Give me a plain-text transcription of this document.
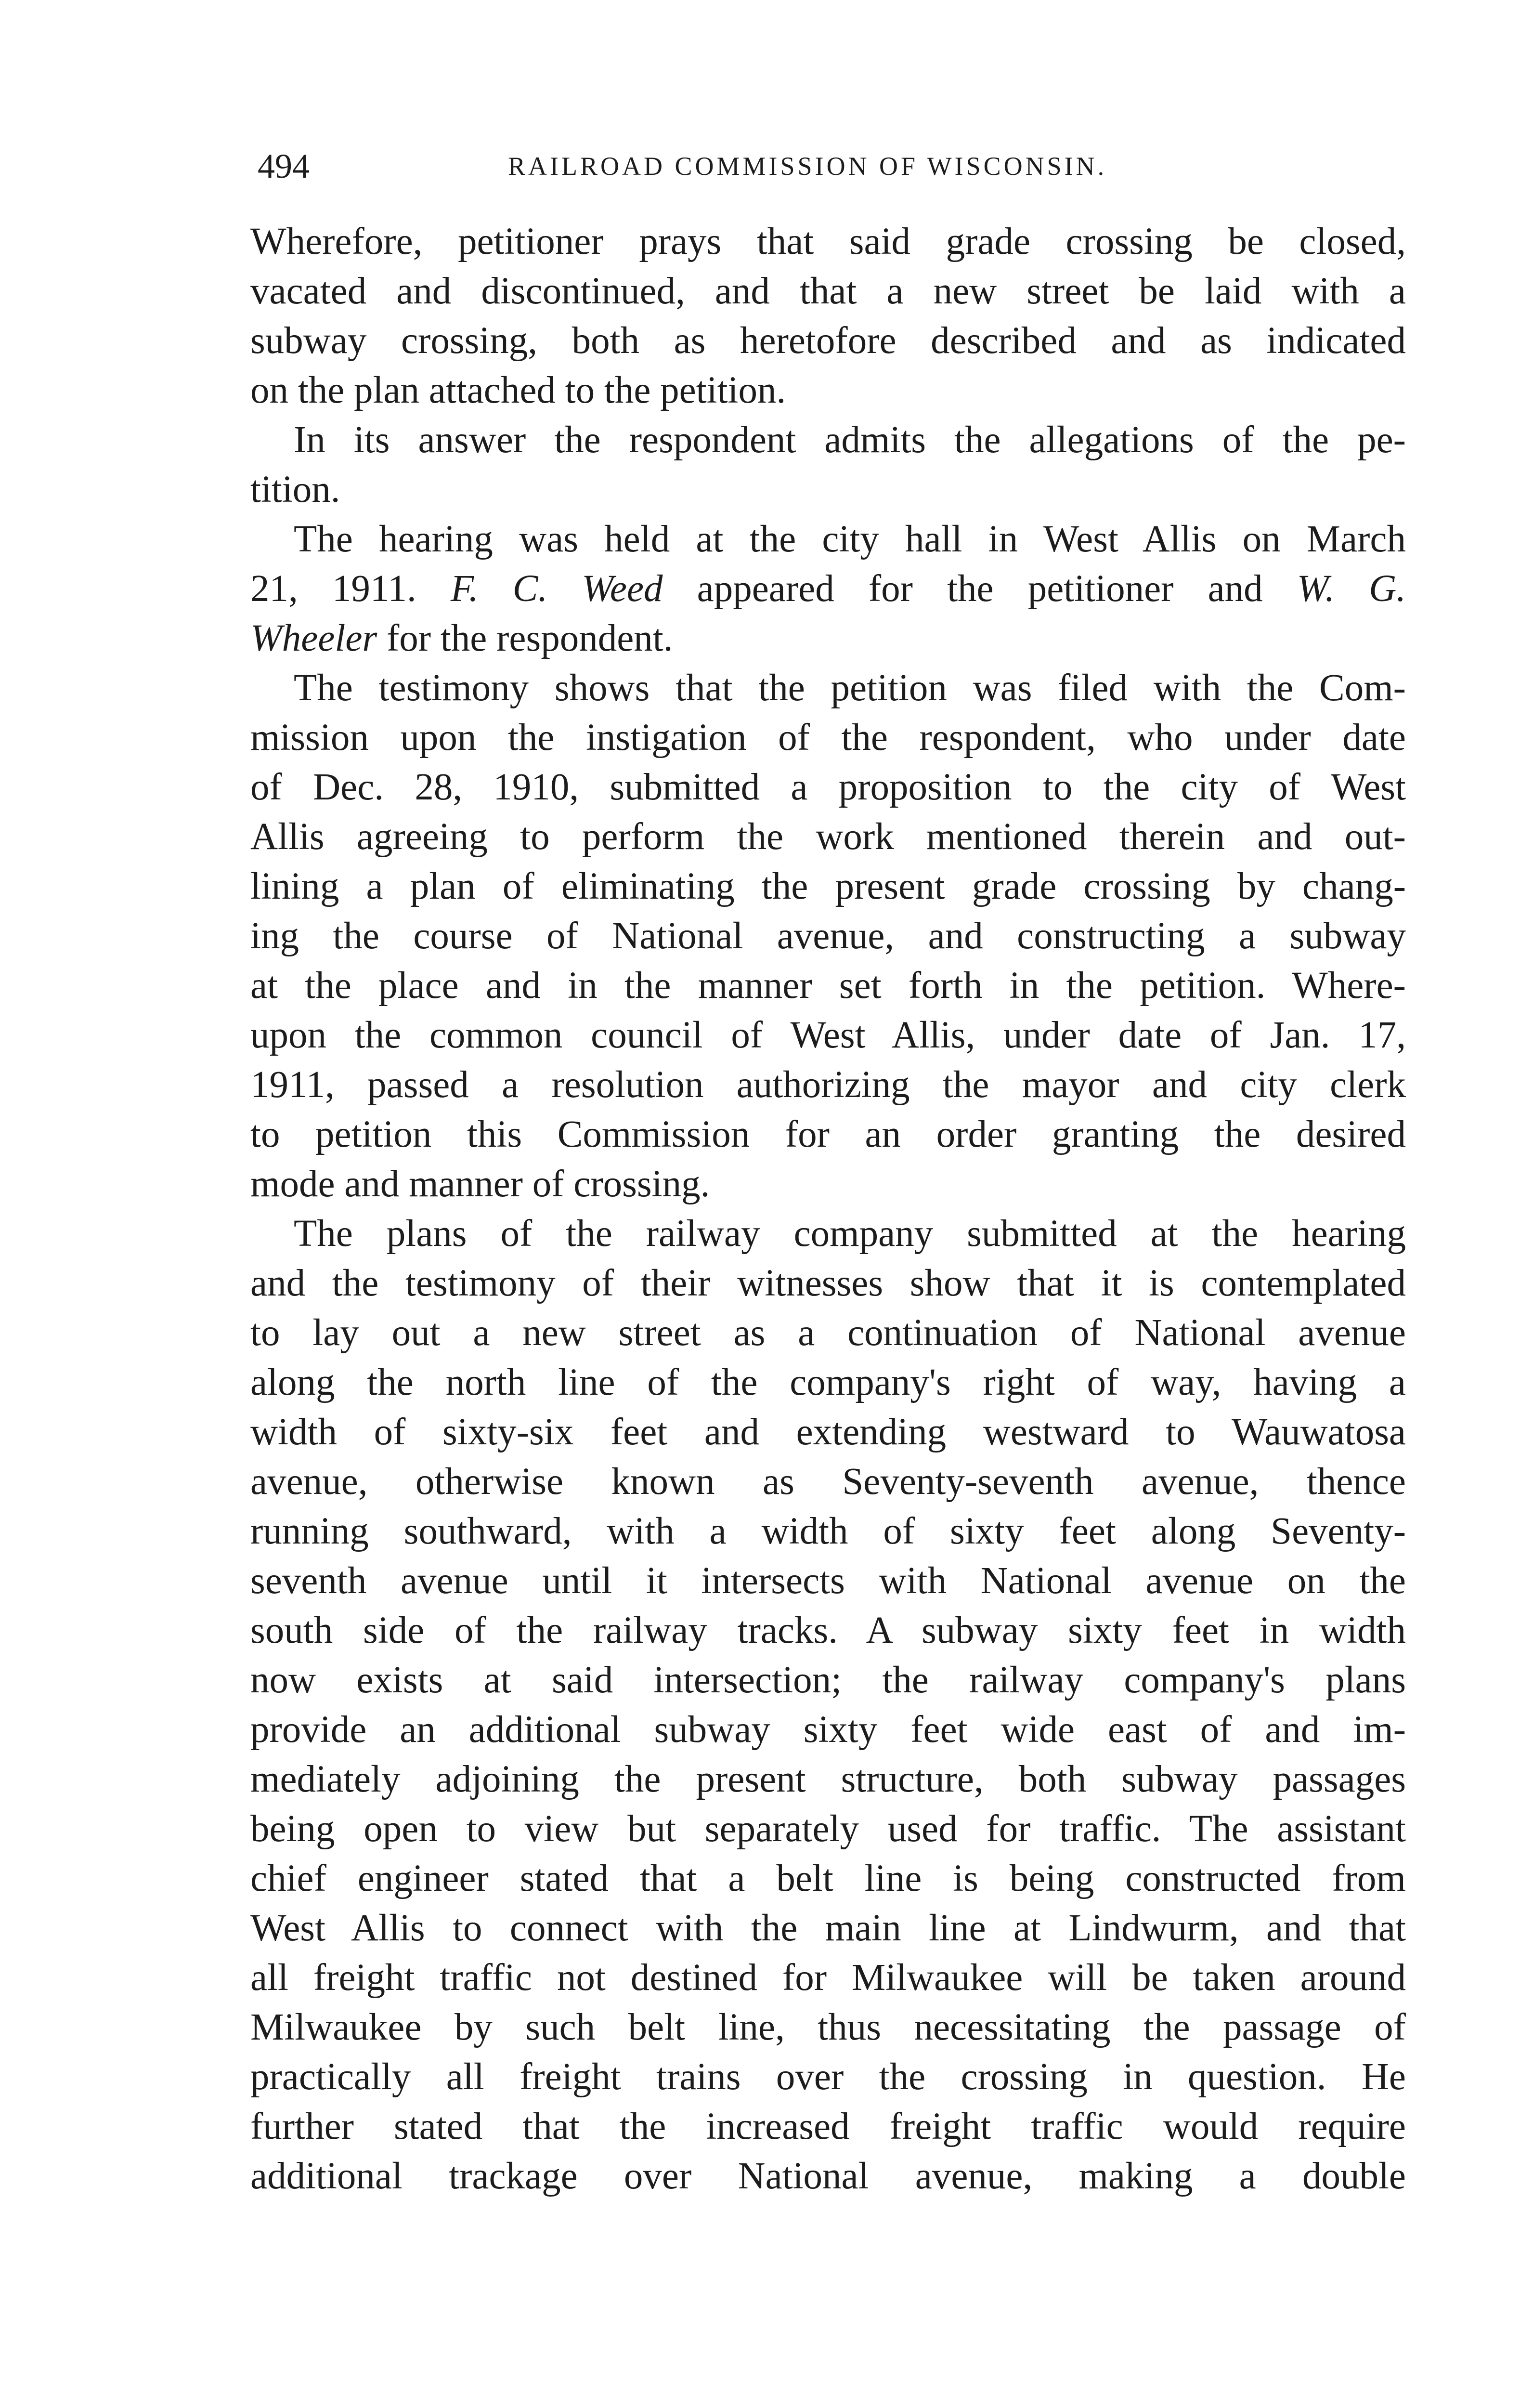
494	RAILROAD COMMISSION OF WISCONSIN.
Wherefore, petitioner prays that said grade crossing be closed,
vacated and discontinued, and that a new street be laid with a
subway crossing, both as heretofore described and as indicated
on the plan attached to the petition.
In its answer the respondent admits the allegations of the pe-
tition.
The hearing was held at the city hall in West Allis on March
21, 1911. F. C. Weed appeared for the petitioner and W. G.
Wheeler for the respondent.
The testimony shows that the petition was filed with the Com-
mission upon the instigation of the respondent, who under date
of Dec. 28, 1910, submitted a proposition to the city of West
Allis agreeing to perform the work mentioned therein and out-
lining a plan of eliminating the present grade crossing by chang-
ing the course of National avenue, and constructing a subway
at the place and in the manner set forth in the petition. Where-
upon the common council of West Allis, under date of Jan. 17,
1911, passed a resolution authorizing the mayor and city clerk
to petition this Commission for an order granting the desired
mode and manner of crossing.
The plans of the railway company submitted at the hearing
and the testimony of their witnesses show that it is contemplated
to lay out a new street as a continuation of National avenue
along the north line of the company's right of way, having a
width of sixty-six feet and extending westward to Wauwatosa
avenue, otherwise known as Seventy-seventh avenue, thence
running southward, with a width of sixty feet along Seventy-
seventh avenue until it intersects with National avenue on the
south side of the railway tracks. A subway sixty feet in width
now exists at said intersection; the railway company's plans
provide an additional subway sixty feet wide east of and im-
mediately adjoining the present structure, both subway passages
being open to view but separately used for traffic. The assistant
chief engineer stated that a belt line is being constructed from
West Allis to connect with the main line at Lindwurm, and that
all freight traffic not destined for Milwaukee will be taken around
Milwaukee by such belt line, thus necessitating the passage of
practically all freight trains over the crossing in question. He
further stated that the increased freight traffic would require
additional trackage over National avenue, making a double
